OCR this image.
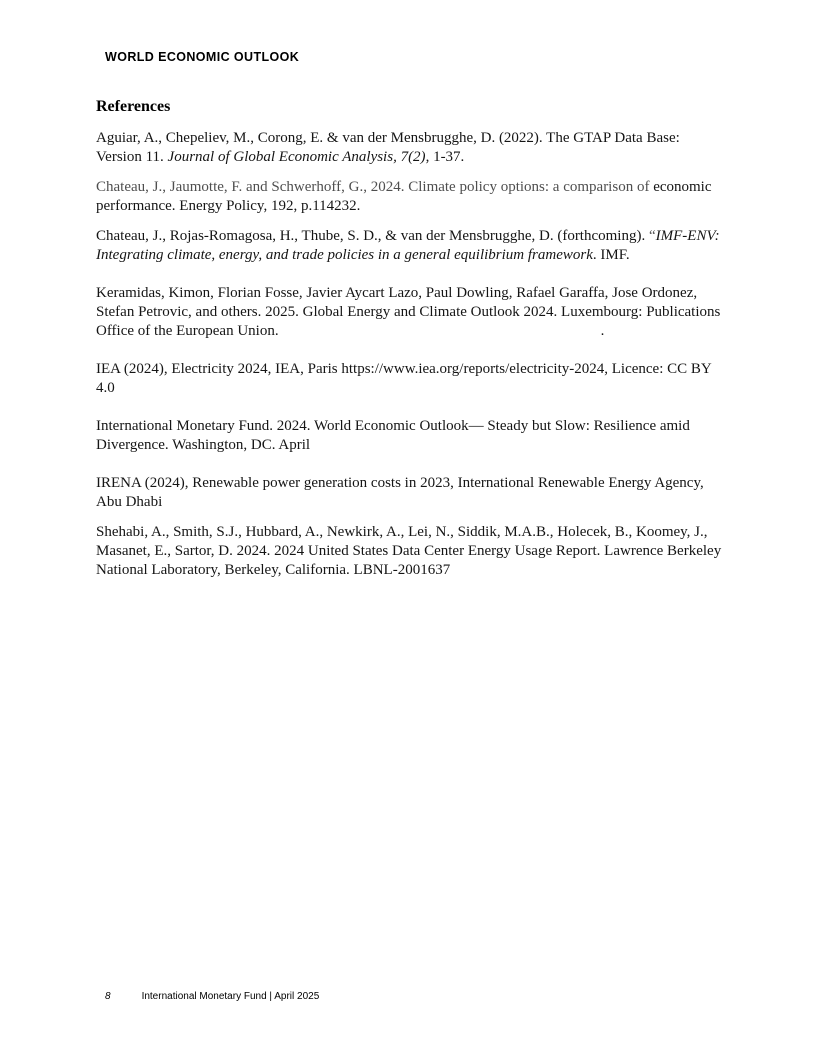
WORLD ECONOMIC OUTLOOK
References

Aguiar, A., Chepeliev, M., Corong, E. & van der Mensbrugghe, D. (2022). The GTAP Data Base: Version 11. Journal of Global Economic Analysis, 7(2), 1-37.

Chateau, J., Jaumotte, F. and Schwerhoff, G., 2024. Climate policy options: a comparison of economic performance. Energy Policy, 192, p.114232.

Chateau, J., Rojas-Romagosa, H., Thube, S. D., & van der Mensbrugghe, D. (forthcoming). “IMF-ENV: Integrating climate, energy, and trade policies in a general equilibrium framework. IMF.

Keramidas, Kimon, Florian Fosse, Javier Aycart Lazo, Paul Dowling, Rafael Garaffa, Jose Ordonez, Stefan Petrovic, and others. 2025. Global Energy and Climate Outlook 2024. Luxembourg: Publications Office of the European Union.	.

IEA (2024), Electricity 2024, IEA, Paris https://www.iea.org/reports/electricity-2024, Licence: CC BY 4.0

International Monetary Fund. 2024. World Economic Outlook— Steady but Slow: Resilience amid Divergence. Washington, DC. April

IRENA (2024), Renewable power generation costs in 2023, International Renewable Energy Agency, Abu Dhabi

Shehabi, A., Smith, S.J., Hubbard, A., Newkirk, A., Lei, N., Siddik, M.A.B., Holecek, B., Koomey, J., Masanet, E., Sartor, D. 2024. 2024 United States Data Center Energy Usage Report. Lawrence Berkeley National Laboratory, Berkeley, California. LBNL-2001637

8	International Monetary Fund | April 2025
